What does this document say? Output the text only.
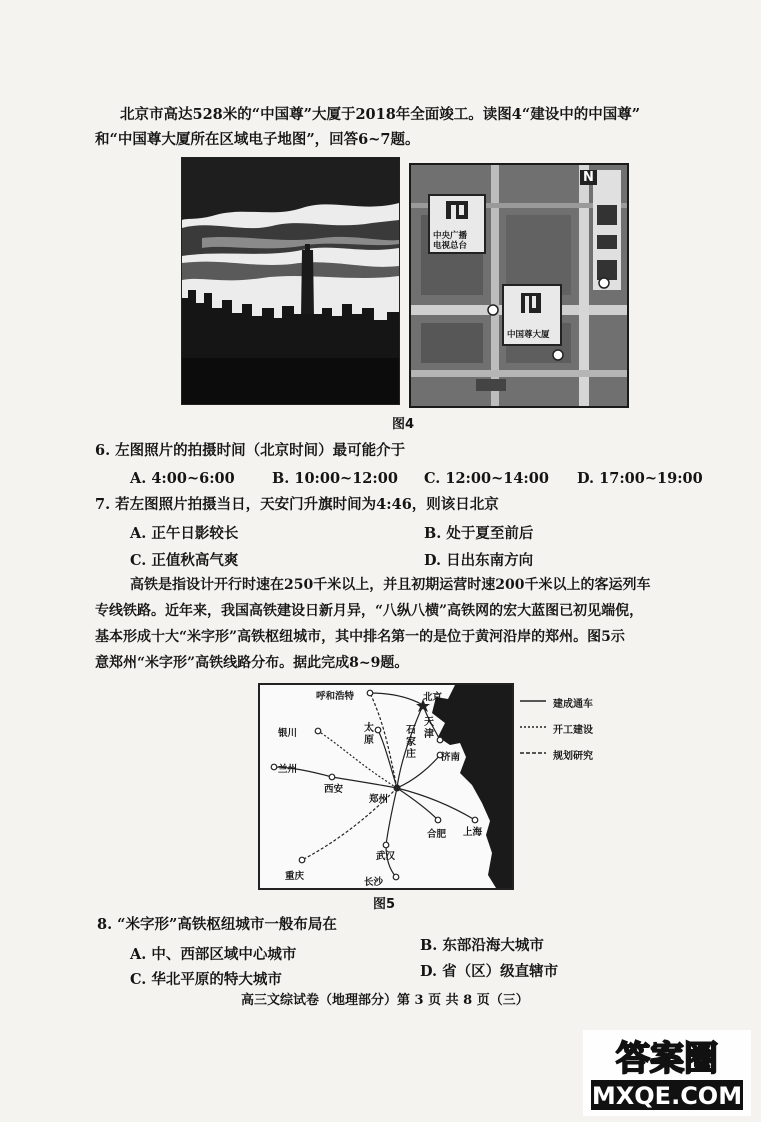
北京市高达528米的“中国尊”大厦于2018年全面竣工。读图4“建设中的中国尊”
和“中国尊大厦所在区域电子地图”，回答6~7题。
N
中央广播
电视总台
中国尊大厦
图4
6. 左图照片的拍摄时间（北京时间）最可能介于
A. 4:00~6:00	B. 10:00~12:00 C. 12:00~14:00 D. 17:00~19:00
7. 若左图照片拍摄当日，天安门升旗时间为4:46，则该日北京
A. 正午日影较长	B. 处于夏至前后
C. 正值秋高气爽	D. 日出东南方向
高铁是指设计开行时速在250千米以上，并且初期运营时速200千米以上的客运列车
专线铁路。近年来，我国高铁建设日新月异，“八纵八横”高铁网的宏大蓝图已初见端倪，
基本形成十大“米字形”高铁枢纽城市，其中排名第一的是位于黄河沿岸的郑州。图5示
意郑州“米字形”高铁线路分布。据此完成8~9题。
呼和浩特	北京
银川	太原
石家庄
天津
济南
兰州
西安
郑州
合肥 上海
武汉
重庆
长沙
建成通车
开工建设
规划研究
图5
8. “米字形”高铁枢纽城市一般布局在
A. 中、西部区域中心城市
B. 东部沿海大城市
C. 华北平原的特大城市	D. 省（区）级直辖市
高三文综试卷（地理部分）第 3 页 共 8 页（三）
答案圈
MXQE.COM
